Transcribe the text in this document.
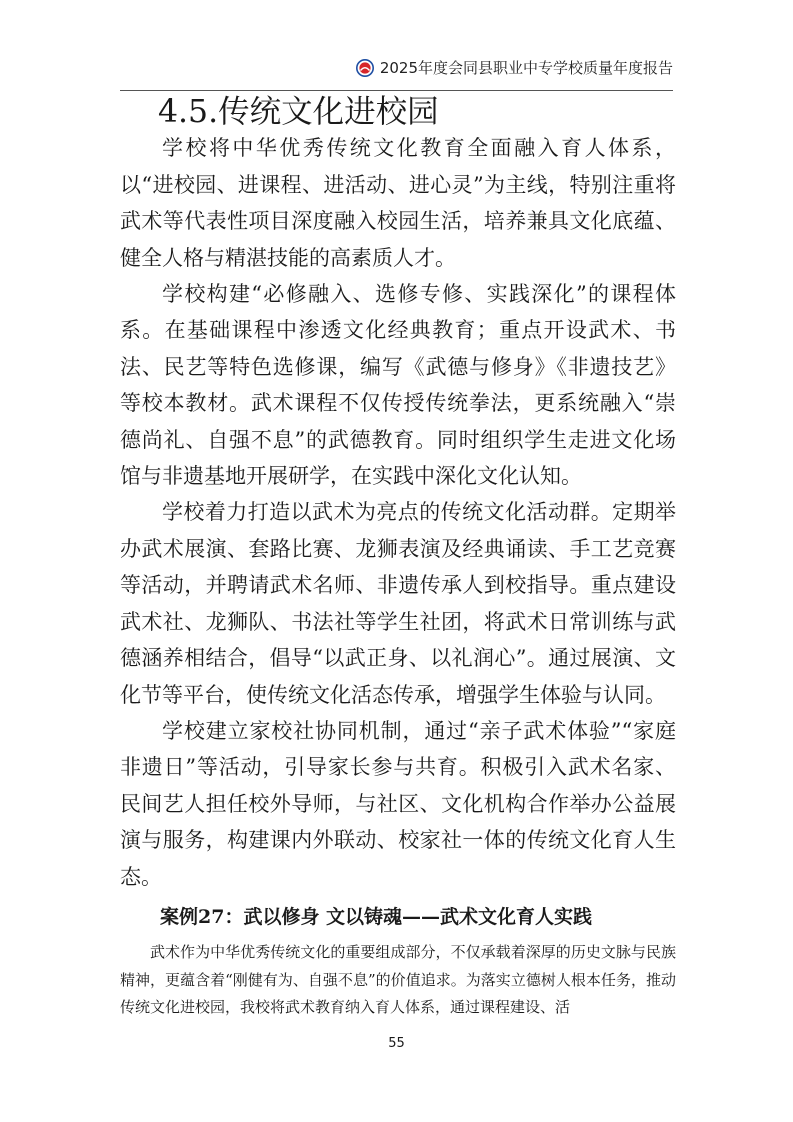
2025年度会同县职业中专学校质量年度报告
4.5.传统文化进校园

学校将中华优秀传统文化教育全面融入育人体系，以“进校园、进课程、进活动、进心灵”为主线，特别注重将武术等代表性项目深度融入校园生活，培养兼具文化底蕴、健全人格与精湛技能的高素质人才。

学校构建“必修融入、选修专修、实践深化”的课程体系。在基础课程中渗透文化经典教育；重点开设武术、书法、民艺等特色选修课，编写《武德与修身》《非遗技艺》等校本教材。武术课程不仅传授传统拳法，更系统融入“崇德尚礼、自强不息”的武德教育。同时组织学生走进文化场馆与非遗基地开展研学，在实践中深化文化认知。

学校着力打造以武术为亮点的传统文化活动群。定期举办武术展演、套路比赛、龙狮表演及经典诵读、手工艺竞赛等活动，并聘请武术名师、非遗传承人到校指导。重点建设武术社、龙狮队、书法社等学生社团，将武术日常训练与武德涵养相结合，倡导“以武正身、以礼润心”。通过展演、文化节等平台，使传统文化活态传承，增强学生体验与认同。

学校建立家校社协同机制，通过“亲子武术体验”“家庭非遗日”等活动，引导家长参与共育。积极引入武术名家、民间艺人担任校外导师，与社区、文化机构合作举办公益展演与服务，构建课内外联动、校家社一体的传统文化育人生态。

案例27：武以修身 文以铸魂——武术文化育人实践

武术作为中华优秀传统文化的重要组成部分，不仅承载着深厚的历史文脉与民族精神，更蕴含着“刚健有为、自强不息”的价值追求。为落实立德树人根本任务，推动传统文化进校园，我校将武术教育纳入育人体系，通过课程建设、活

55
